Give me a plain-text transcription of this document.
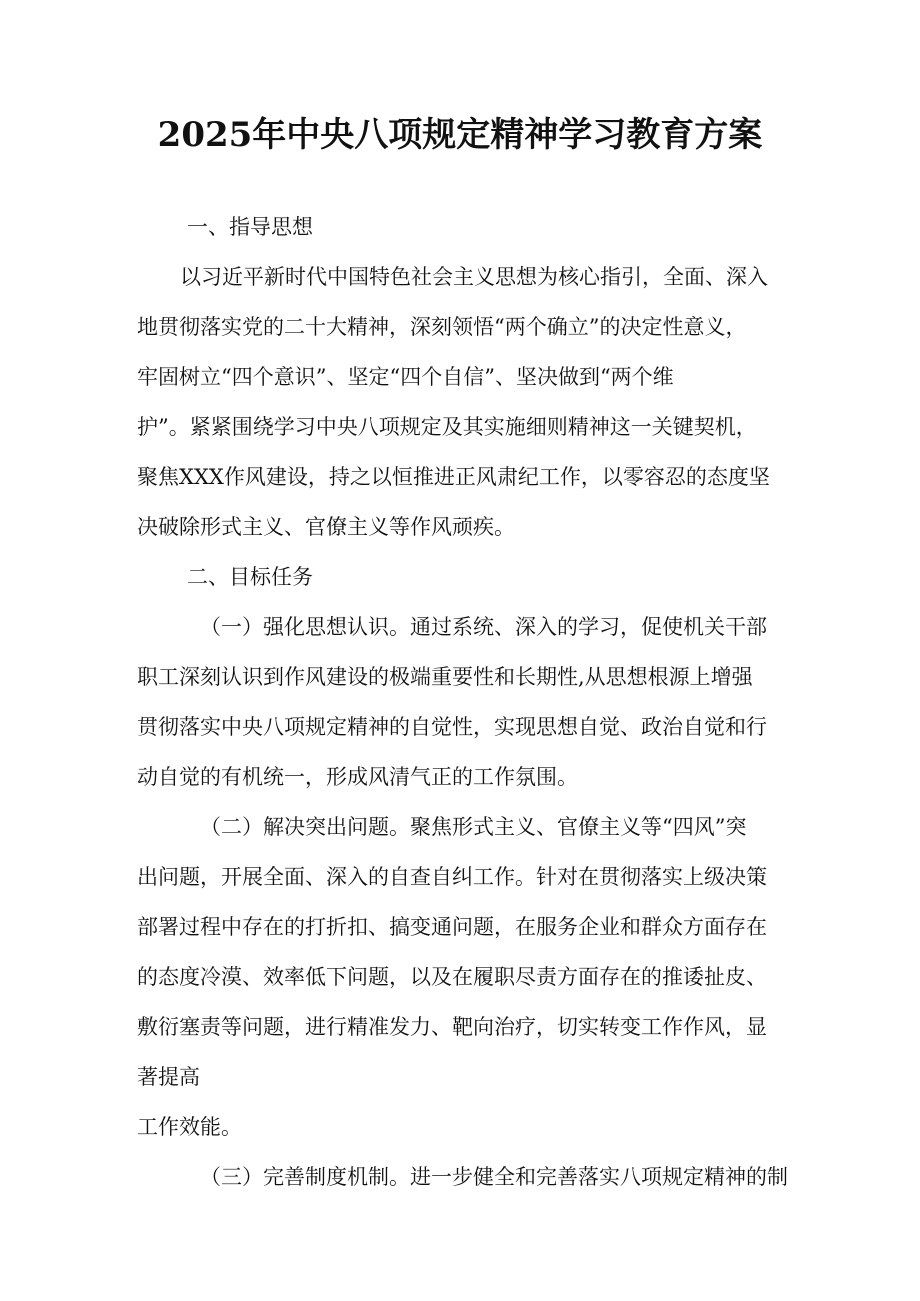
2025年中央八项规定精神学习教育方案
一、指导思想
以习近平新时代中国特色社会主义思想为核心指引，全面、深入
地贯彻落实党的二十大精神，深刻领悟“两个确立”的决定性意义，
牢固树立“四个意识”、坚定“四个自信”、坚决做到“两个维
护”。紧紧围绕学习中央八项规定及其实施细则精神这一关键契机，
聚焦XXX作风建设，持之以恒推进正风肃纪工作，以零容忍的态度坚
决破除形式主义、官僚主义等作风顽疾。
二、目标任务
（一）强化思想认识。通过系统、深入的学习，促使机关干部
职工深刻认识到作风建设的极端重要性和长期性,从思想根源上增强
贯彻落实中央八项规定精神的自觉性，实现思想自觉、政治自觉和行
动自觉的有机统一，形成风清气正的工作氛围。
（二）解决突出问题。聚焦形式主义、官僚主义等“四风”突
出问题，开展全面、深入的自查自纠工作。针对在贯彻落实上级决策
部署过程中存在的打折扣、搞变通问题，在服务企业和群众方面存在
的态度冷漠、效率低下问题，以及在履职尽责方面存在的推诿扯皮、
敷衍塞责等问题，进行精准发力、靶向治疗，切实转变工作作风，显
著提高
工作效能。
（三）完善制度机制。进一步健全和完善落实八项规定精神的制
